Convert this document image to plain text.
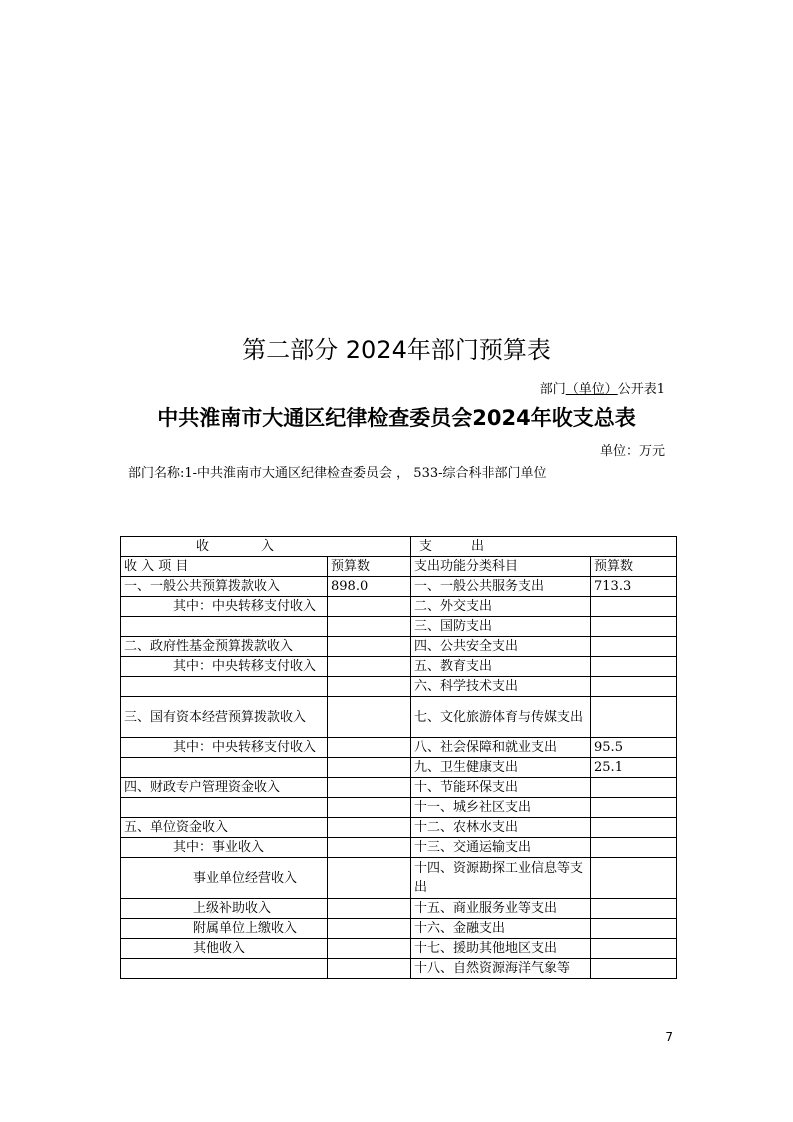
第二部分 2024年部门预算表
部门（单位）公开表1
中共淮南市大通区纪律检查委员会2024年收支总表
单位：万元
部门名称:1-中共淮南市大通区纪律检查委员会 ， 533-综合科非部门单位
收　　　　入		支　　　出	
收 入 项 目	预算数	支出功能分类科目	预算数
一、一般公共预算拨款收入	898.0	一、一般公共服务支出	713.3
其中：中央转移支付收入		二、外交支出	
		三、国防支出	
二、政府性基金预算拨款收入		四、公共安全支出	
其中：中央转移支付收入		五、教育支出	
		六、科学技术支出	
三、国有资本经营预算拨款收入		七、文化旅游体育与传媒支出	
其中：中央转移支付收入		八、社会保障和就业支出	95.5
		九、卫生健康支出	25.1
四、财政专户管理资金收入		十、节能环保支出	
		十一、城乡社区支出	
五、单位资金收入		十二、农林水支出	
其中：事业收入		十三、交通运输支出	
事业单位经营收入		十四、资源勘探工业信息等支出	
上级补助收入		十五、商业服务业等支出	
附属单位上缴收入		十六、金融支出	
其他收入		十七、援助其他地区支出	
		十八、自然资源海洋气象等	
7
